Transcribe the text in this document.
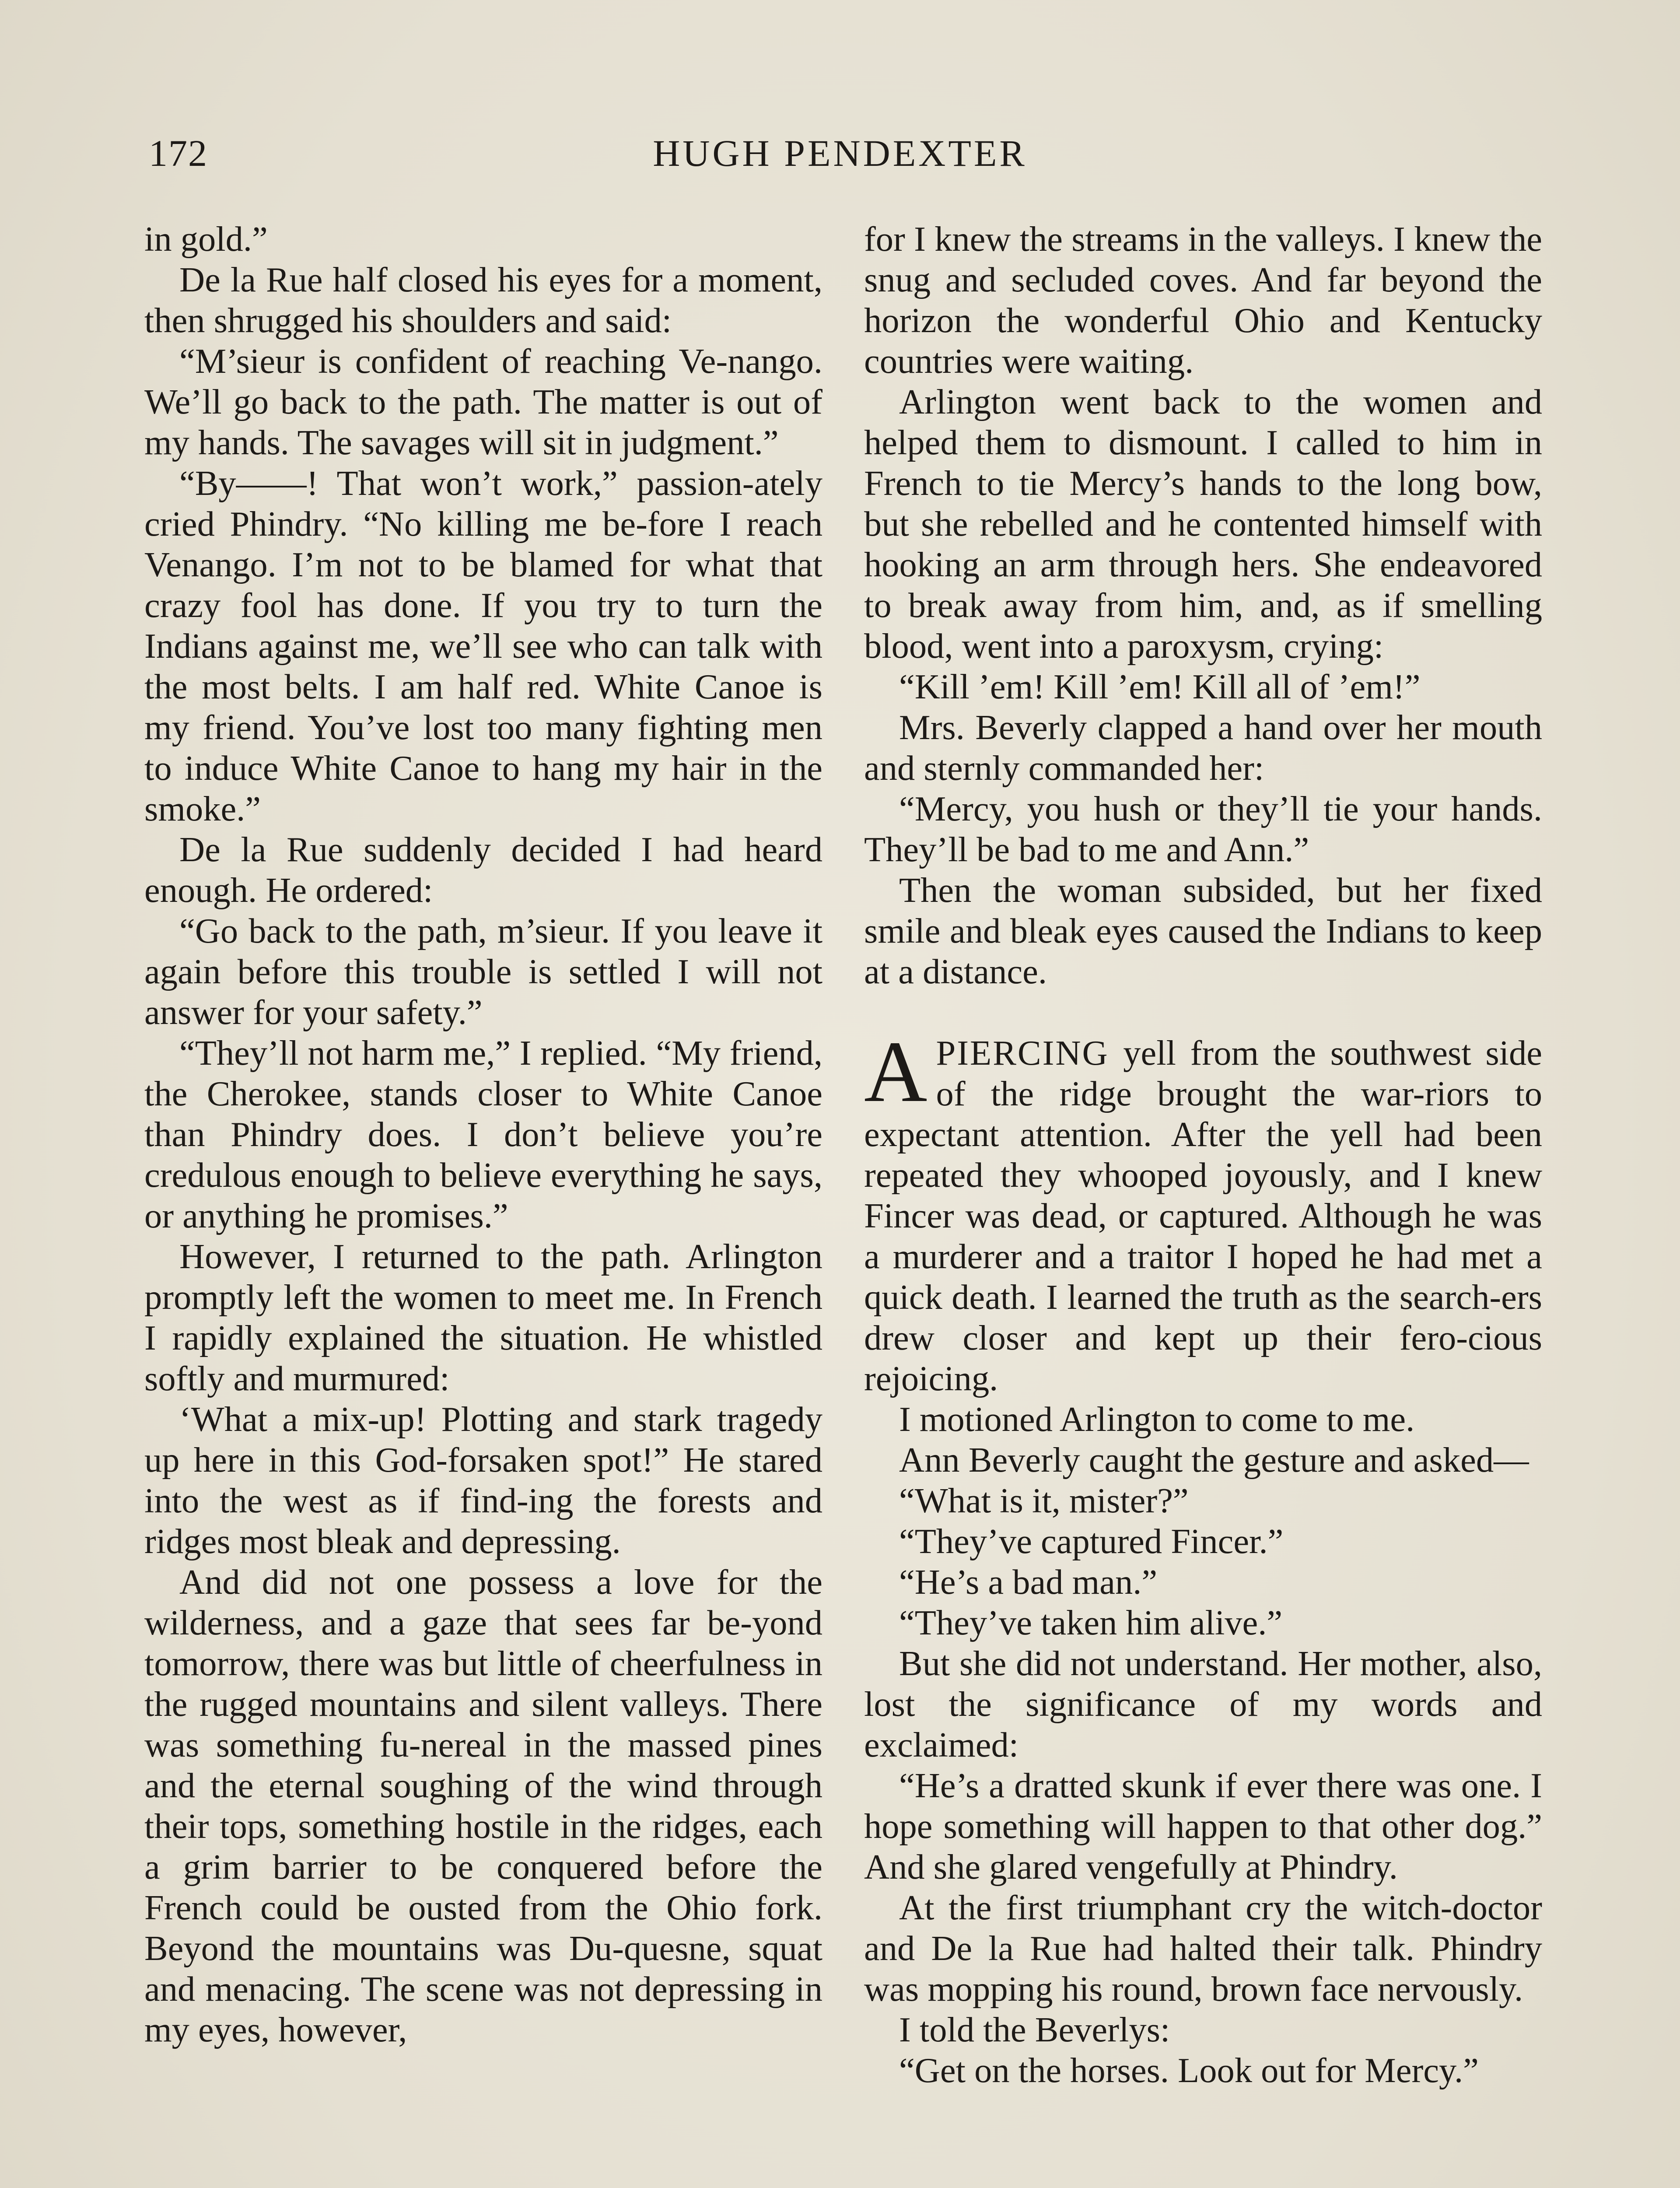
172	HUGH PENDEXTER

in gold.”

De la Rue half closed his eyes for a moment, then shrugged his shoulders and said:

“M’sieur is confident of reaching Ve-nango. We’ll go back to the path. The matter is out of my hands. The savages will sit in judgment.”

“By——! That won’t work,” passion-ately cried Phindry. “No killing me be-fore I reach Venango. I’m not to be blamed for what that crazy fool has done. If you try to turn the Indians against me, we’ll see who can talk with the most belts. I am half red. White Canoe is my friend. You’ve lost too many fighting men to induce White Canoe to hang my hair in the smoke.”

De la Rue suddenly decided I had heard enough. He ordered:

“Go back to the path, m’sieur. If you leave it again before this trouble is settled I will not answer for your safety.”

“They’ll not harm me,” I replied. “My friend, the Cherokee, stands closer to White Canoe than Phindry does. I don’t believe you’re credulous enough to believe everything he says, or anything he promises.”

However, I returned to the path. Arlington promptly left the women to meet me. In French I rapidly explained the situation. He whistled softly and murmured:

‘What a mix-up! Plotting and stark tragedy up here in this God-forsaken spot!” He stared into the west as if find-ing the forests and ridges most bleak and depressing.

And did not one possess a love for the wilderness, and a gaze that sees far be-yond tomorrow, there was but little of cheerfulness in the rugged mountains and silent valleys. There was something fu-nereal in the massed pines and the eternal soughing of the wind through their tops, something hostile in the ridges, each a grim barrier to be conquered before the French could be ousted from the Ohio fork. Beyond the mountains was Du-quesne, squat and menacing. The scene was not depressing in my eyes, however,

for I knew the streams in the valleys. I knew the snug and secluded coves. And far beyond the horizon the wonderful Ohio and Kentucky countries were waiting.

Arlington went back to the women and helped them to dismount. I called to him in French to tie Mercy’s hands to the long bow, but she rebelled and he contented himself with hooking an arm through hers. She endeavored to break away from him, and, as if smelling blood, went into a paroxysm, crying:

“Kill ’em! Kill ’em! Kill all of ’em!”

Mrs. Beverly clapped a hand over her mouth and sternly commanded her:

“Mercy, you hush or they’ll tie your hands. They’ll be bad to me and Ann.”

Then the woman subsided, but her fixed smile and bleak eyes caused the Indians to keep at a distance.

APIERCING yell from the southwest side of the ridge brought the war-riors to expectant attention. After the yell had been repeated they whooped joyously, and I knew Fincer was dead, or captured. Although he was a murderer and a traitor I hoped he had met a quick death. I learned the truth as the search-ers drew closer and kept up their fero-cious rejoicing.

I motioned Arlington to come to me.

Ann Beverly caught the gesture and asked—

“What is it, mister?”

“They’ve captured Fincer.”

“He’s a bad man.”

“They’ve taken him alive.”

But she did not understand. Her mother, also, lost the significance of my words and exclaimed:

“He’s a dratted skunk if ever there was one. I hope something will happen to that other dog.” And she glared vengefully at Phindry.

At the first triumphant cry the witch-doctor and De la Rue had halted their talk. Phindry was mopping his round, brown face nervously.

I told the Beverlys:

“Get on the horses. Look out for Mercy.”
